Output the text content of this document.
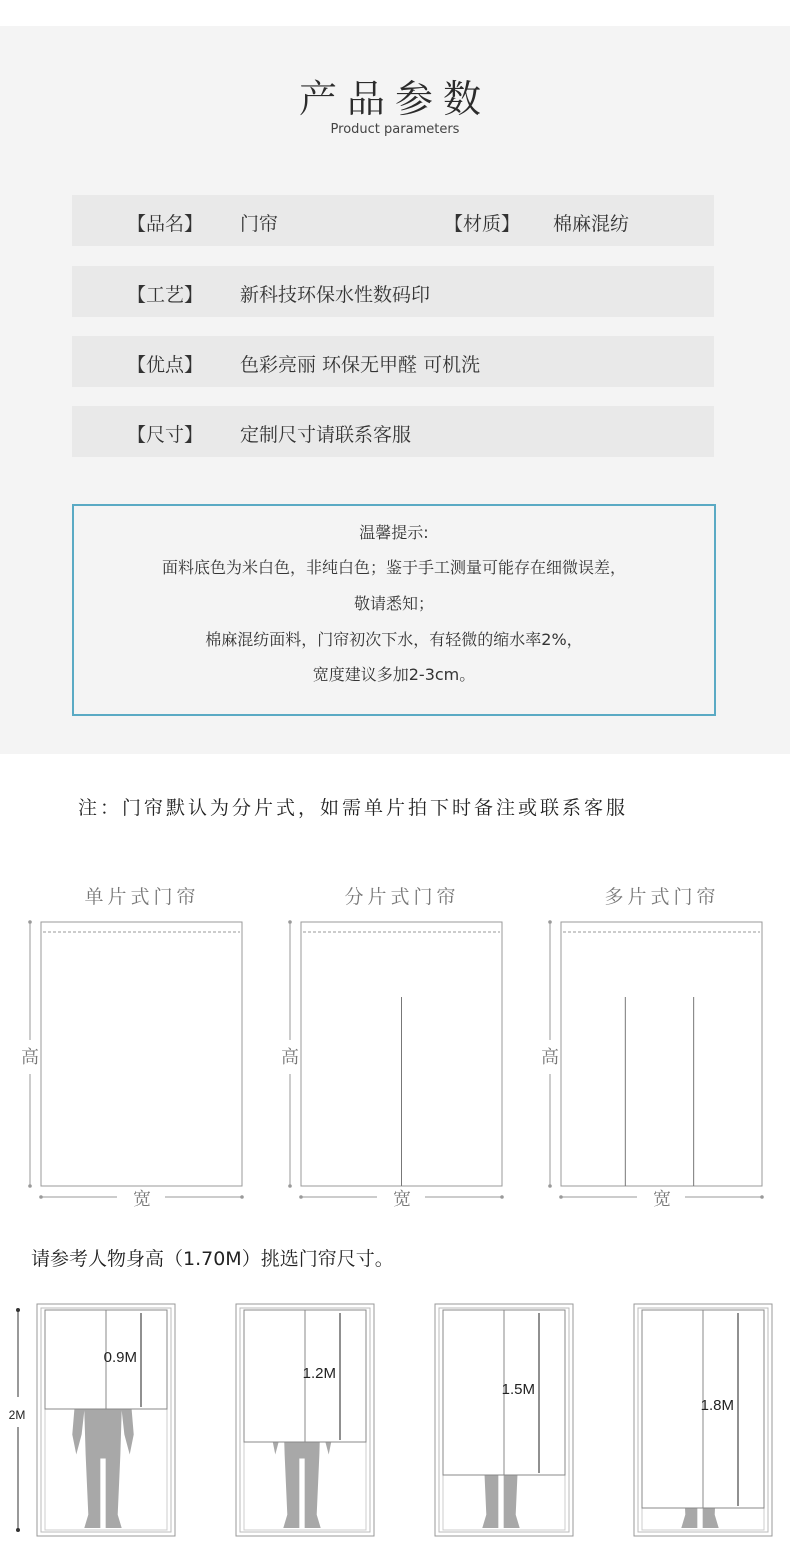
产品参数
Product parameters
【品名】 门帘	【材质】 棉麻混纺
【工艺】 新科技环保水性数码印
【优点】 色彩亮丽 环保无甲醛 可机洗
【尺寸】 定制尺寸请联系客服
温馨提示:
面料底色为米白色，非纯白色；鉴于手工测量可能存在细微误差，
敬请悉知；
棉麻混纺面料，门帘初次下水，有轻微的缩水率2%，
宽度建议多加2-3cm。
注：门帘默认为分片式，如需单片拍下时备注或联系客服
单片式门帘	分片式门帘	多片式门帘
高
宽
高
宽
高
宽
请参考人物身高（1.70M）挑选门帘尺寸。
2M
0.9M
1.2M
1.5M
1.8M
